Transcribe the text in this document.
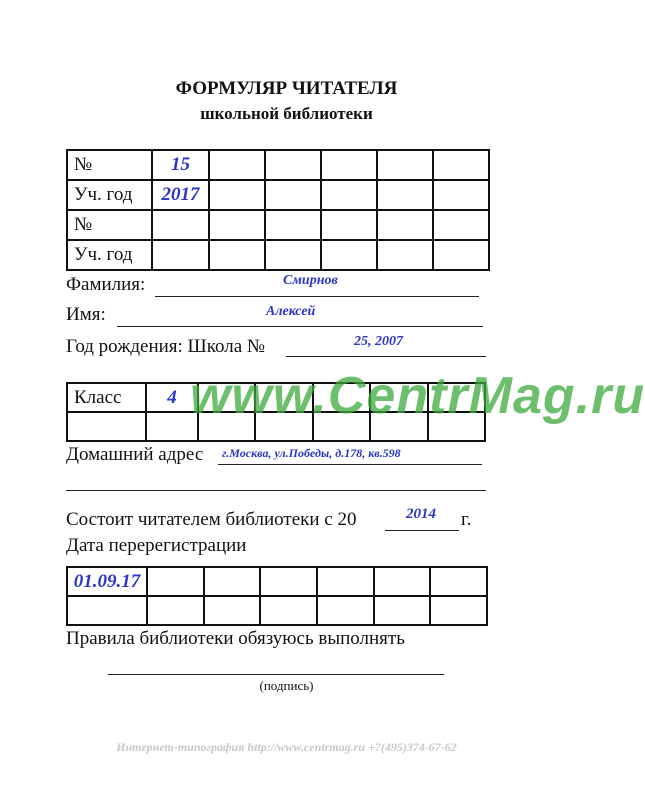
ФОРМУЛЯР ЧИТАТЕЛЯ
школьной библиотеки
№	15					
Уч. год	2017					
№						
Уч. год						
Фамилия:	Смирнов
Имя:	Алексей
Год рождения: Школа №	25, 2007
Класс	4					
						www.CentrMag.ru
Домашний адрес г.Москва, ул.Победы, д.178, кв.598
Состоит читателем библиотеки с 20	2014 г.
Дата перерегистрации
01.09.17						

Правила библиотеки обязуюсь выполнять
(подпись)
Интернет-типография http://www.centrmag.ru +7(495)374-67-62
